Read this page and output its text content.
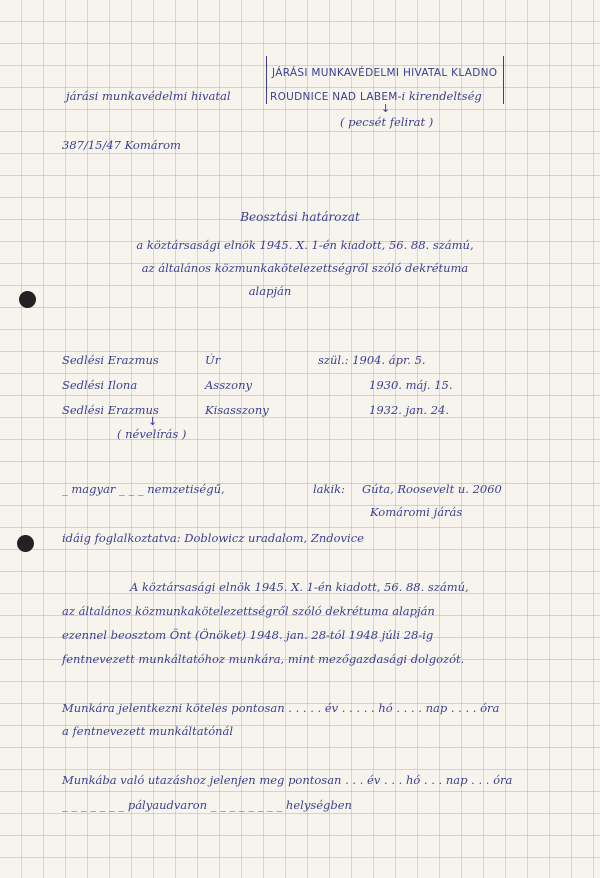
JÁRÁSI MUNKAVÉDELMI HIVATAL KLADNO
járási munkavédelmi hivatal	ROUDNICE NAD LABEM-i kirendeltség
↓
( pecsét felirat )
387/15/47 Komárom
Beosztási határozat
a köztársasági elnök 1945. X. 1-én kiadott, 56. 88. számú,
az általános közmunkakötelezettségről szóló dekrétuma
alapján
Sedlési Erazmus	Úr	szül.: 1904. ápr. 5.
Sedlési Ilona	Asszony	1930. máj. 15.
Sedlési Erazmus	Kisasszony	1932. jan. 24.
↓
( névelírás )
_ magyar _ _ _ nemzetiségű,	lakik: Gúta, Roosevelt u. 2060
Komáromi járás
idáig foglalkoztatva: Doblowicz uradalom, Zndovice
A köztársasági elnök 1945. X. 1-én kiadott, 56. 88. számú,
az általános közmunkakötelezettségről szóló dekrétuma alapján
ezennel beosztom Önt (Önöket) 1948. jan. 28-tól 1948 júli 28-ig
fentnevezett munkáltatóhoz munkára, mint mezőgazdasági dolgozót.
Munkára jelentkezni köteles pontosan . . . . . év . . . . . hó . . . . nap . . . . óra
a fentnevezett munkáltatónál
Munkába való utazáshoz jelenjen meg pontosan . . . év . . . hó . . . nap . . . óra
_ _ _ _ _ _ _ pályaudvaron _ _ _ _ _ _ _ _ helységben
